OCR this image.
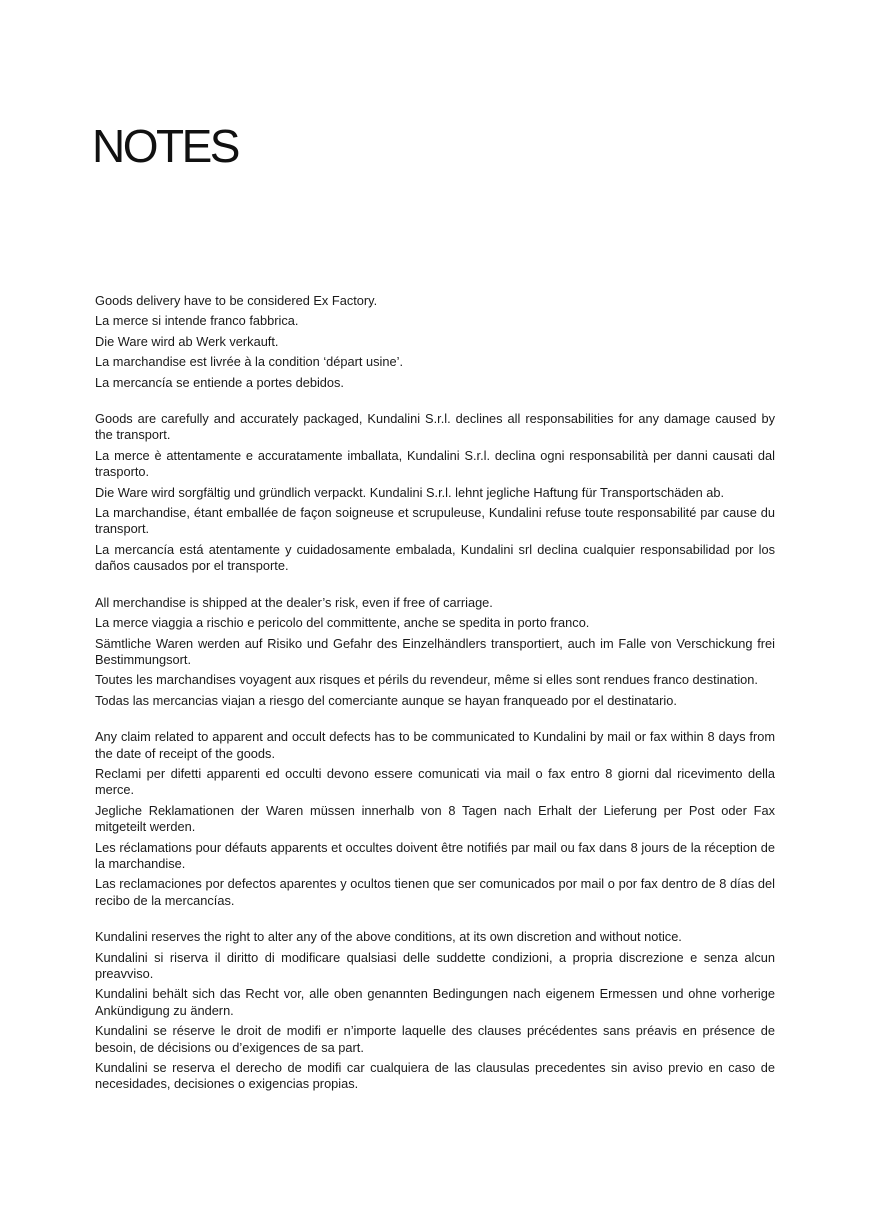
NOTES

Goods delivery have to be considered Ex Factory.

La merce si intende franco fabbrica.

Die Ware wird ab Werk verkauft.

La marchandise est livrée à la condition ‘départ usine’.

La mercancía se entiende a portes debidos.

Goods are carefully and accurately packaged, Kundalini S.r.l. declines all responsabilities for any damage caused by the transport.

La merce è attentamente e accuratamente imballata, Kundalini S.r.l. declina ogni responsabilità per danni causati dal trasporto.

Die Ware wird sorgfältig und gründlich verpackt. Kundalini S.r.l. lehnt jegliche Haftung für Transportschäden ab.

La marchandise, étant emballée de façon soigneuse et scrupuleuse, Kundalini refuse toute responsabilité par cause du transport.

La mercancía está atentamente y cuidadosamente embalada, Kundalini srl declina cualquier responsabilidad por los daños causados por el transporte.

All merchandise is shipped at the dealer’s risk, even if free of carriage.

La merce viaggia a rischio e pericolo del committente, anche se spedita in porto franco.

Sämtliche Waren werden auf Risiko und Gefahr des Einzelhändlers transportiert, auch im Falle von Verschickung frei Bestimmungsort.

Toutes les marchandises voyagent aux risques et périls du revendeur, même si elles sont rendues franco destination.

Todas las mercancias viajan a riesgo del comerciante aunque se hayan franqueado por el destinatario.

Any claim related to apparent and occult defects has to be communicated to Kundalini by mail or fax within 8 days from the date of receipt of the goods.

Reclami per difetti apparenti ed occulti devono essere comunicati via mail o fax entro 8 giorni dal ricevimento della merce.

Jegliche Reklamationen der Waren müssen innerhalb von 8 Tagen nach Erhalt der Lieferung per Post oder Fax mitgeteilt werden.

Les réclamations pour défauts apparents et occultes doivent être notifiés par mail ou fax dans 8 jours de la réception de la marchandise.

Las reclamaciones por defectos aparentes y ocultos tienen que ser comunicados por mail o por fax dentro de 8 días del recibo de la mercancías.

Kundalini reserves the right to alter any of the above conditions, at its own discretion and without notice.

Kundalini si riserva il diritto di modificare qualsiasi delle suddette condizioni, a propria discrezione e senza alcun preavviso.

Kundalini behält sich das Recht vor, alle oben genannten Bedingungen nach eigenem Ermessen und ohne vorherige Ankündigung zu ändern.

Kundalini se réserve le droit de modifi er n’importe laquelle des clauses précédentes sans préavis en présence de besoin, de décisions ou d’exigences de sa part.

Kundalini se reserva el derecho de modifi car cualquiera de las clausulas precedentes sin aviso previo en caso de necesidades, decisiones o exigencias propias.
